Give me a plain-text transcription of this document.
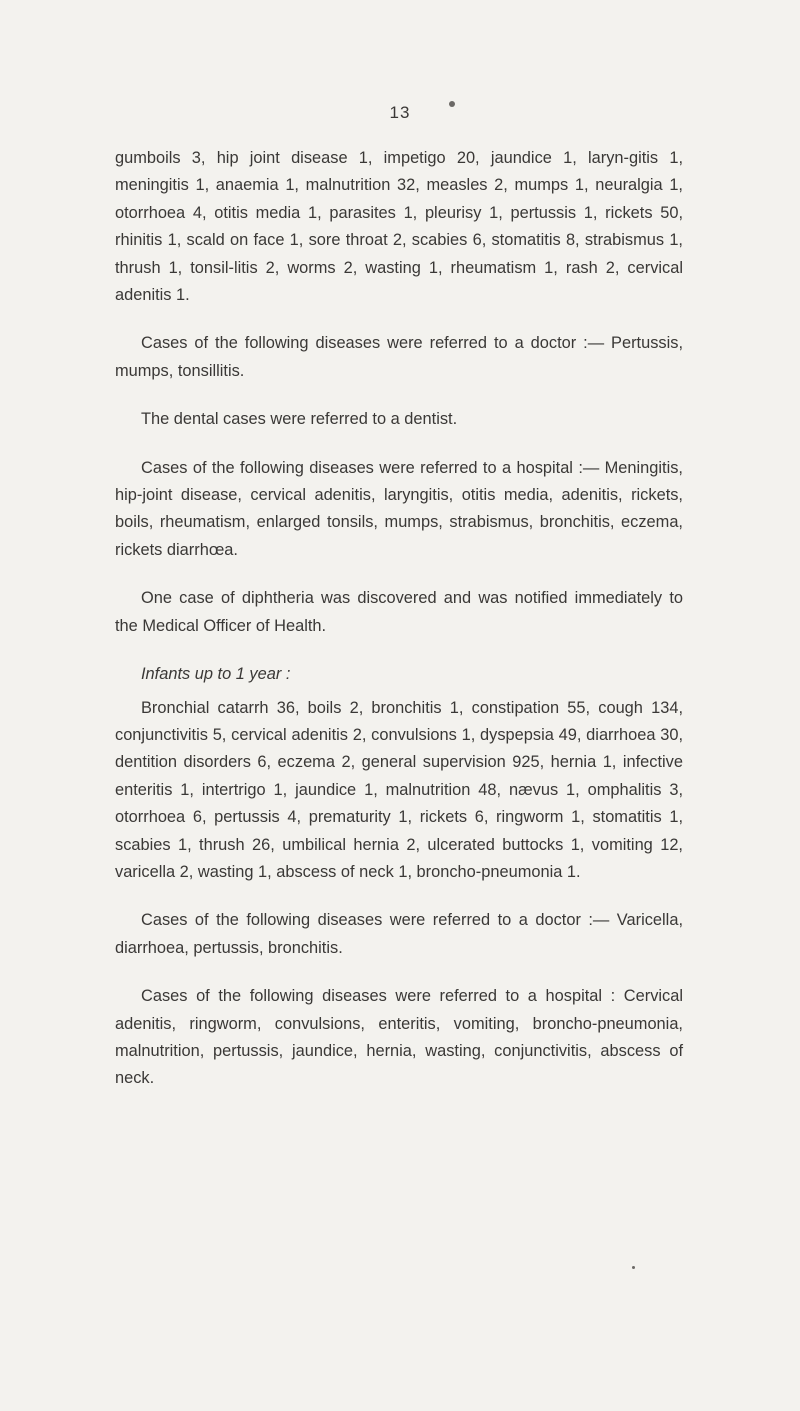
13

gumboils 3, hip joint disease 1, impetigo 20, jaundice 1, laryn-gitis 1, meningitis 1, anaemia 1, malnutrition 32, measles 2, mumps 1, neuralgia 1, otorrhoea 4, otitis media 1, parasites 1, pleurisy 1, pertussis 1, rickets 50, rhinitis 1, scald on face 1, sore throat 2, scabies 6, stomatitis 8, strabismus 1, thrush 1, tonsil-litis 2, worms 2, wasting 1, rheumatism 1, rash 2, cervical adenitis 1.

Cases of the following diseases were referred to a doctor :— Pertussis, mumps, tonsillitis.

The dental cases were referred to a dentist.

Cases of the following diseases were referred to a hospital :— Meningitis, hip-joint disease, cervical adenitis, laryngitis, otitis media, adenitis, rickets, boils, rheumatism, enlarged tonsils, mumps, strabismus, bronchitis, eczema, rickets diarrhœa.

One case of diphtheria was discovered and was notified immediately to the Medical Officer of Health.

Infants up to 1 year :

Bronchial catarrh 36, boils 2, bronchitis 1, constipation 55, cough 134, conjunctivitis 5, cervical adenitis 2, convulsions 1, dyspepsia 49, diarrhoea 30, dentition disorders 6, eczema 2, general supervision 925, hernia 1, infective enteritis 1, intertrigo 1, jaundice 1, malnutrition 48, nævus 1, omphalitis 3, otorrhoea 6, pertussis 4, prematurity 1, rickets 6, ringworm 1, stomatitis 1, scabies 1, thrush 26, umbilical hernia 2, ulcerated buttocks 1, vomiting 12, varicella 2, wasting 1, abscess of neck 1, broncho-pneumonia 1.

Cases of the following diseases were referred to a doctor :— Varicella, diarrhoea, pertussis, bronchitis.

Cases of the following diseases were referred to a hospital : Cervical adenitis, ringworm, convulsions, enteritis, vomiting, broncho-pneumonia, malnutrition, pertussis, jaundice, hernia, wasting, conjunctivitis, abscess of neck.
